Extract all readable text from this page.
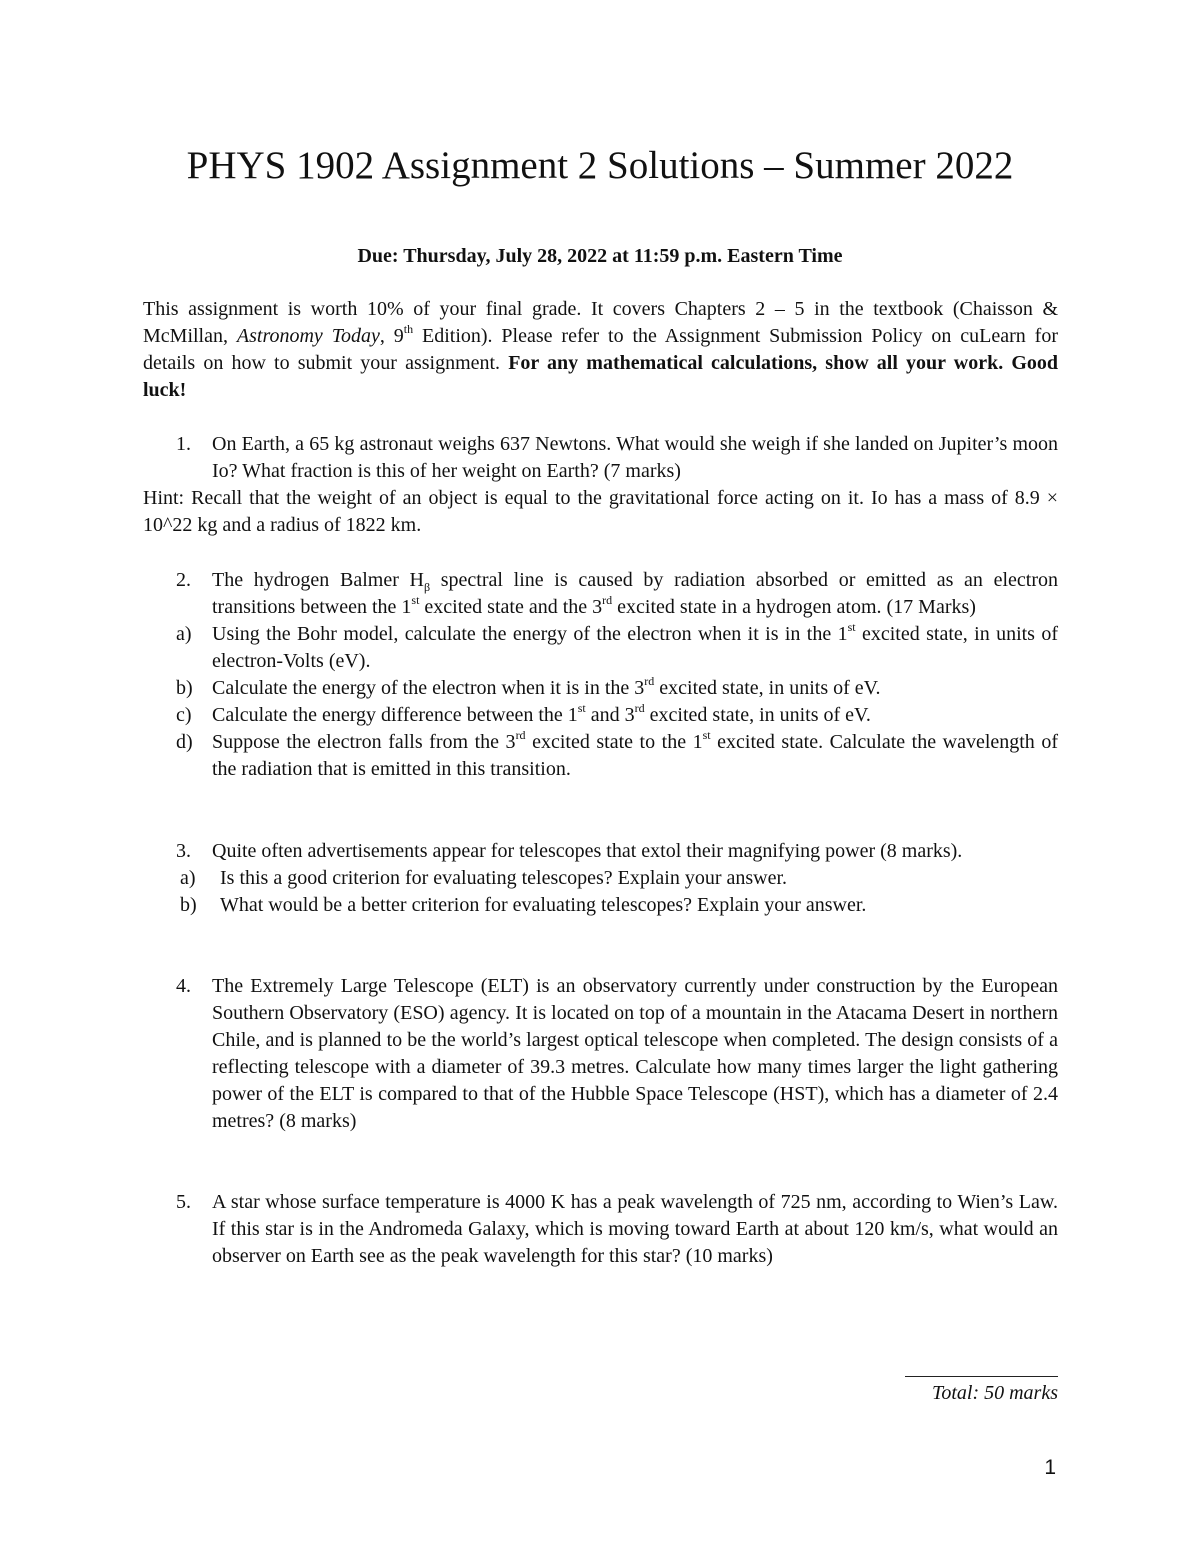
PHYS 1902 Assignment 2 Solutions – Summer 2022
Due: Thursday, July 28, 2022 at 11:59 p.m. Eastern Time
This assignment is worth 10% of your final grade. It covers Chapters 2 – 5 in the textbook (Chaisson & McMillan, Astronomy Today, 9th Edition). Please refer to the Assignment Submission Policy on cuLearn for details on how to submit your assignment. For any mathematical calculations, show all your work. Good luck!
1. On Earth, a 65 kg astronaut weighs 637 Newtons. What would she weigh if she landed on Jupiter’s moon Io? What fraction is this of her weight on Earth? (7 marks)
Hint: Recall that the weight of an object is equal to the gravitational force acting on it. Io has a mass of 8.9 × 10^22 kg and a radius of 1822 km.
2. The hydrogen Balmer $H_\beta$ spectral line is caused by radiation absorbed or emitted as an electron transitions between the 1st excited state and the 3rd excited state in a hydrogen atom. (17 Marks)
a) Using the Bohr model, calculate the energy of the electron when it is in the 1st excited state, in units of electron-Volts (eV).
b) Calculate the energy of the electron when it is in the 3rd excited state, in units of eV.
c) Calculate the energy difference between the 1st and 3rd excited state, in units of eV.
d) Suppose the electron falls from the 3rd excited state to the 1st excited state. Calculate the wavelength of the radiation that is emitted in this transition.
3. Quite often advertisements appear for telescopes that extol their magnifying power (8 marks).
a) Is this a good criterion for evaluating telescopes? Explain your answer.
b) What would be a better criterion for evaluating telescopes? Explain your answer.
4. The Extremely Large Telescope (ELT) is an observatory currently under construction by the European Southern Observatory (ESO) agency. It is located on top of a mountain in the Atacama Desert in northern Chile, and is planned to be the world’s largest optical telescope when completed. The design consists of a reflecting telescope with a diameter of 39.3 metres. Calculate how many times larger the light gathering power of the ELT is compared to that of the Hubble Space Telescope (HST), which has a diameter of 2.4 metres? (8 marks)
5. A star whose surface temperature is 4000 K has a peak wavelength of 725 nm, according to Wien’s Law. If this star is in the Andromeda Galaxy, which is moving toward Earth at about 120 km/s, what would an observer on Earth see as the peak wavelength for this star? (10 marks)
Total: 50 marks
1
